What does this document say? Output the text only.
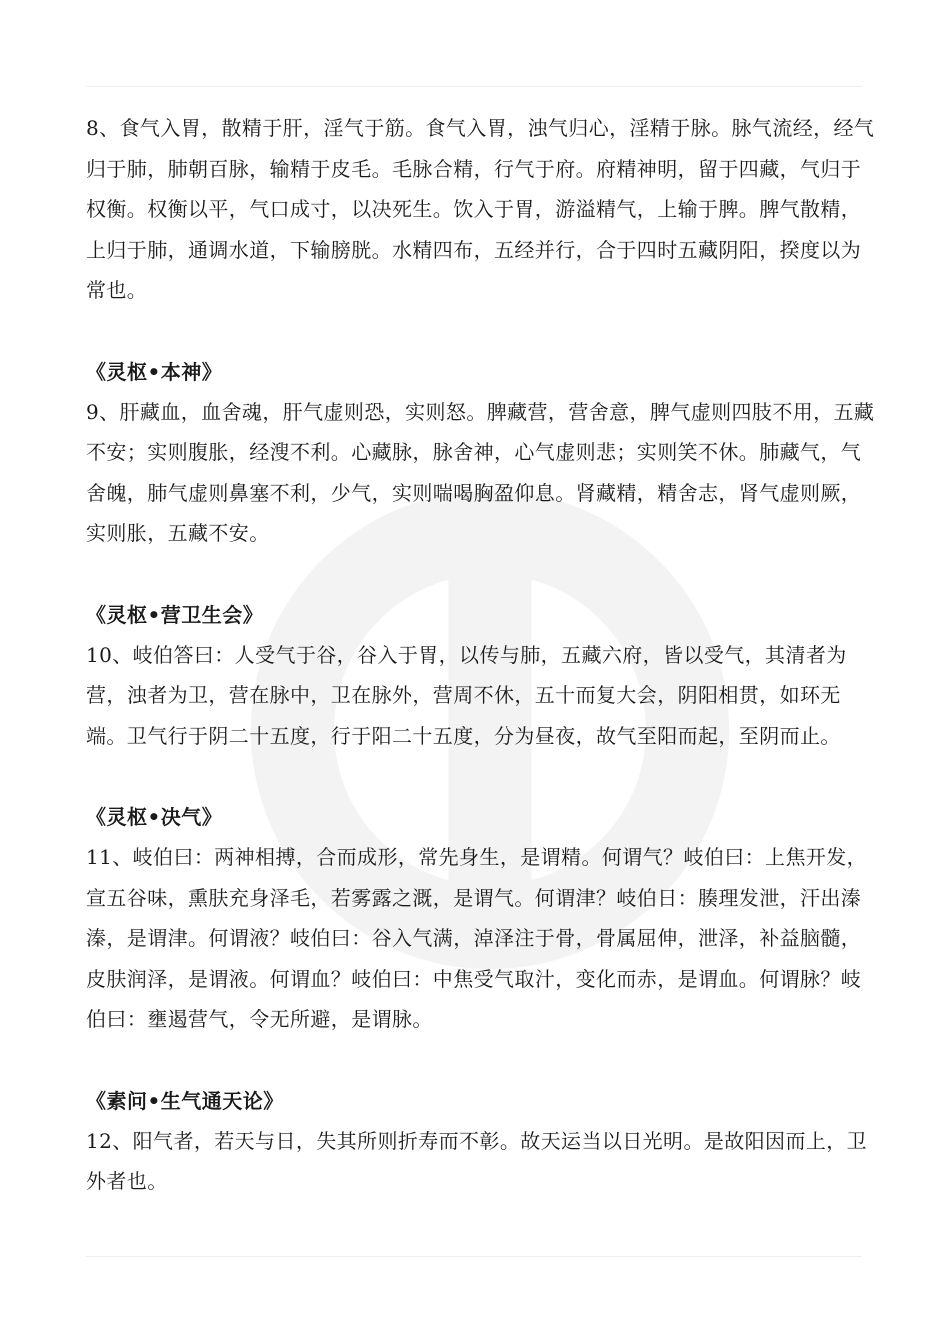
8、食气入胃，散精于肝，淫气于筋。食气入胃，浊气归心，淫精于脉。脉气流经，经气归于肺，肺朝百脉，输精于皮毛。毛脉合精，行气于府。府精神明，留于四藏，气归于权衡。权衡以平，气口成寸，以决死生。饮入于胃，游溢精气，上输于脾。脾气散精，上归于肺，通调水道，下输膀胱。水精四布，五经并行，合于四时五藏阴阳，揆度以为常也。

《灵枢•本神》

9、肝藏血，血舍魂，肝气虚则恐，实则怒。脾藏营，营舍意，脾气虚则四肢不用，五藏不安；实则腹胀，经溲不利。心藏脉，脉舍神，心气虚则悲；实则笑不休。肺藏气，气舍魄，肺气虚则鼻塞不利，少气，实则喘喝胸盈仰息。肾藏精，精舍志，肾气虚则厥，实则胀，五藏不安。

《灵枢•营卫生会》

10、岐伯答曰：人受气于谷，谷入于胃，以传与肺，五藏六府，皆以受气，其清者为营，浊者为卫，营在脉中，卫在脉外，营周不休，五十而复大会，阴阳相贯，如环无端。卫气行于阴二十五度，行于阳二十五度，分为昼夜，故气至阳而起，至阴而止。

《灵枢•决气》

11、岐伯曰：两神相搏，合而成形，常先身生，是谓精。何谓气？岐伯曰：上焦开发，宣五谷味，熏肤充身泽毛，若雾露之溉，是谓气。何谓津？岐伯日：腠理发泄，汗出溱溱，是谓津。何谓液？岐伯曰：谷入气满，淖泽注于骨，骨属屈伸，泄泽，补益脑髓，皮肤润泽，是谓液。何谓血？岐伯曰：中焦受气取汁，变化而赤，是谓血。何谓脉？岐伯曰：壅遏营气，令无所避，是谓脉。

《素问•生气通天论》

12、阳气者，若天与日，失其所则折寿而不彰。故天运当以日光明。是故阳因而上，卫外者也。
